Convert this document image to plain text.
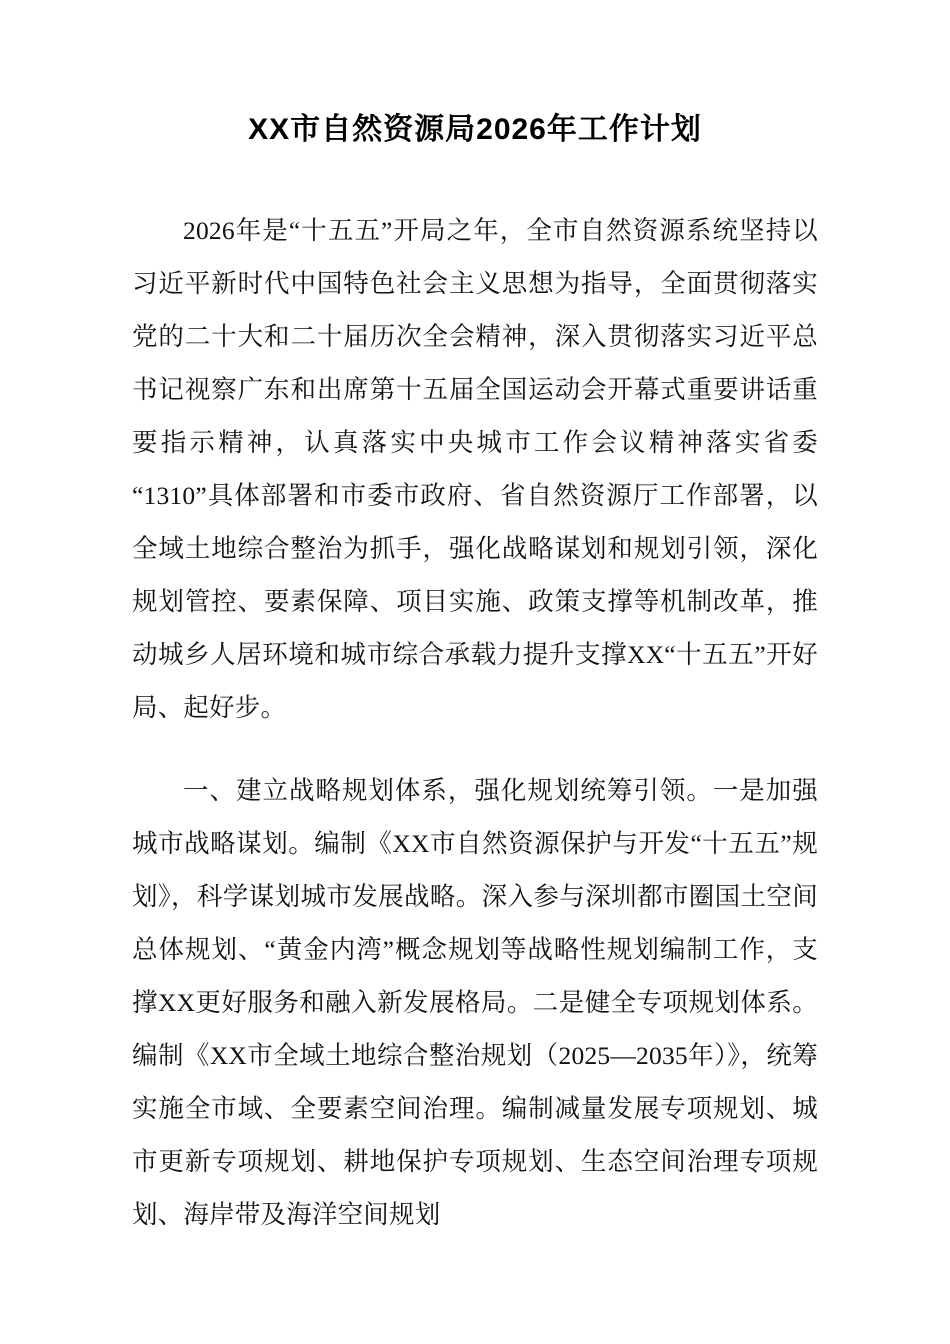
XX市自然资源局2026年工作计划

2026年是“十五五”开局之年，全市自然资源系统坚持以习近平新时代中国特色社会主义思想为指导，全面贯彻落实党的二十大和二十届历次全会精神，深入贯彻落实习近平总书记视察广东和出席第十五届全国运动会开幕式重要讲话重要指示精神，认真落实中央城市工作会议精神落实省委“1310”具体部署和市委市政府、省自然资源厅工作部署，以全域土地综合整治为抓手，强化战略谋划和规划引领，深化规划管控、要素保障、项目实施、政策支撑等机制改革，推动城乡人居环境和城市综合承载力提升支撑XX“十五五”开好局、起好步。

一、建立战略规划体系，强化规划统筹引领。一是加强城市战略谋划。编制《XX市自然资源保护与开发“十五五”规划》，科学谋划城市发展战略。深入参与深圳都市圈国土空间总体规划、“黄金内湾”概念规划等战略性规划编制工作，支撑XX更好服务和融入新发展格局。二是健全专项规划体系。编制《XX市全域土地综合整治规划（2025—2035年）》，统筹实施全市域、全要素空间治理。编制减量发展专项规划、城市更新专项规划、耕地保护专项规划、生态空间治理专项规划、海岸带及海洋空间规划
